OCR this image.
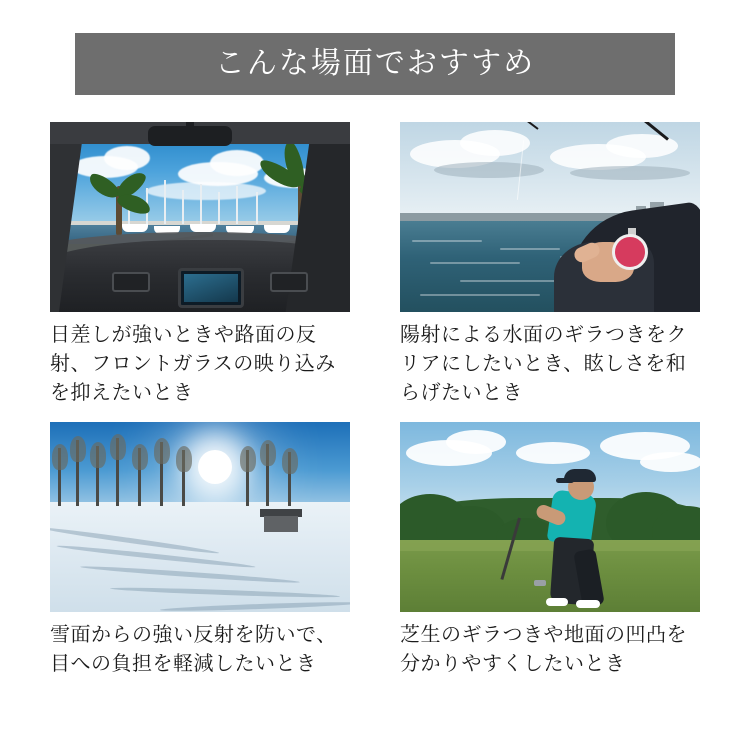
こんな場面でおすすめ
日差しが強いときや路面の反射、フロントガラスの映り込みを抑えたいとき
陽射による水面のギラつきをクリアにしたいとき、眩しさを和らげたいとき
雪面からの強い反射を防いで、目への負担を軽減したいとき
芝生のギラつきや地面の凹凸を分かりやすくしたいとき
